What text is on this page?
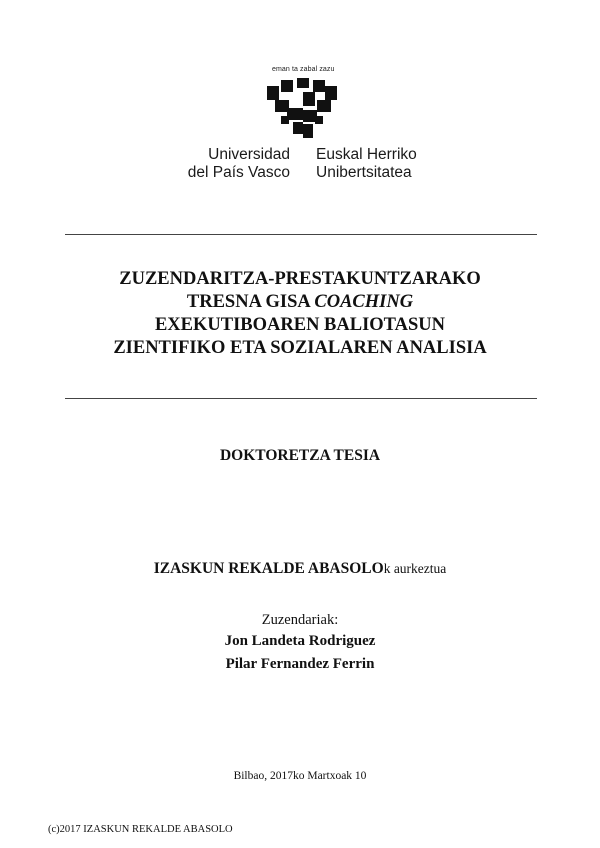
eman ta zabal zazu
Universidad
del País Vasco
Euskal Herriko
Unibertsitatea
ZUZENDARITZA-PRESTAKUNTZARAKO
TRESNA GISA COACHING
EXEKUTIBOAREN BALIOTASUN
ZIENTIFIKO ETA SOZIALAREN ANALISIA
DOKTORETZA TESIA
IZASKUN REKALDE ABASOLOk aurkeztua
Zuzendariak:
Jon Landeta Rodriguez
Pilar Fernandez Ferrin
Bilbao, 2017ko Martxoak 10
(c)2017 IZASKUN REKALDE ABASOLO
